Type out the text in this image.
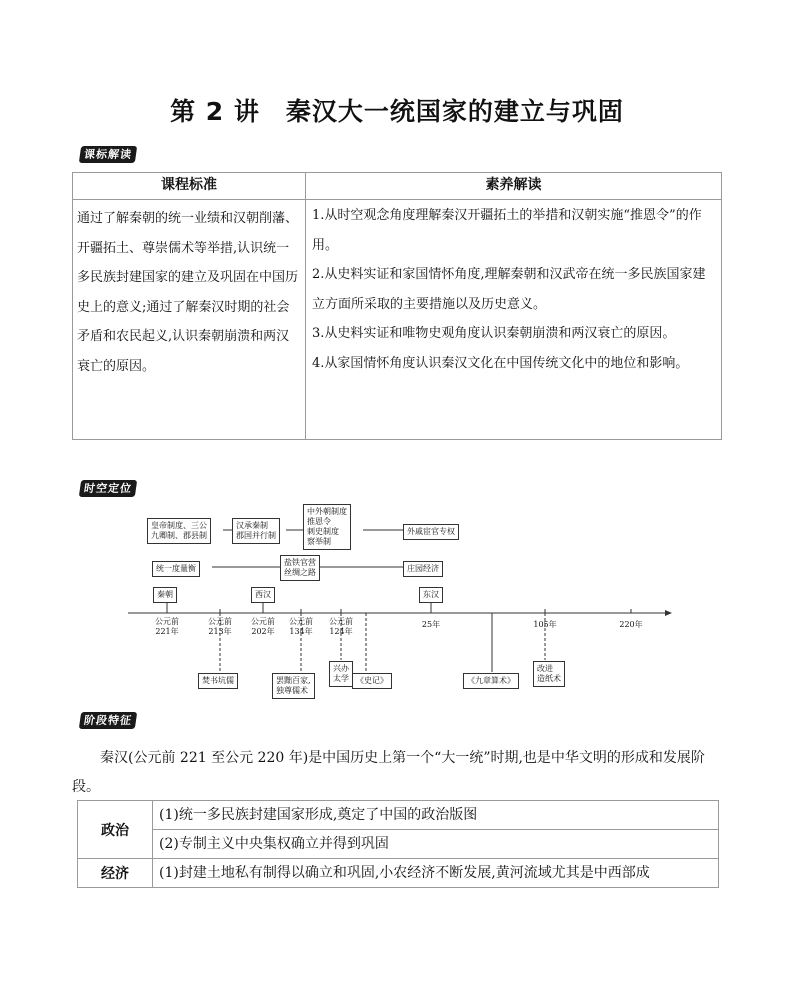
第 2 讲　秦汉大一统国家的建立与巩固
课标解读
课程标准	素养解读
通过了解秦朝的统一业绩和汉朝削藩、开疆拓土、尊崇儒术等举措,认识统一多民族封建国家的建立及巩固在中国历史上的意义;通过了解秦汉时期的社会矛盾和农民起义,认识秦朝崩溃和两汉衰亡的原因。	1.从时空观念角度理解秦汉开疆拓土的举措和汉朝实施“推恩令”的作用。
2.从史料实证和家国情怀角度,理解秦朝和汉武帝在统一多民族国家建立方面所采取的主要措施以及历史意义。
3.从史料实证和唯物史观角度认识秦朝崩溃和两汉衰亡的原因。
4.从家国情怀角度认识秦汉文化在中国传统文化中的地位和影响。
时空定位
皇帝制度、三公
九卿制、郡县制
汉承秦制
郡国并行制
中外朝制度
推恩令
刺史制度
察举制
外戚宦官专权
统一度量衡
盐铁官营
丝绸之路	庄园经济
秦朝	西汉	东汉
公元前
221年
公元前
213年
公元前
202年
公元前
134年
公元前
124年
25年	105年	220年
焚书坑儒	罢黜百家,
独尊儒术
兴办
太学 《史记》	《九章算术》
改进
造纸术
阶段特征
秦汉(公元前 221 至公元 220 年)是中国历史上第一个“大一统”时期,也是中华文明的形成和发展阶段。
政治	(1)统一多民族封建国家形成,奠定了中国的政治版图
	(2)专制主义中央集权确立并得到巩固
经济	(1)封建土地私有制得以确立和巩固,小农经济不断发展,黄河流域尤其是中西部成
